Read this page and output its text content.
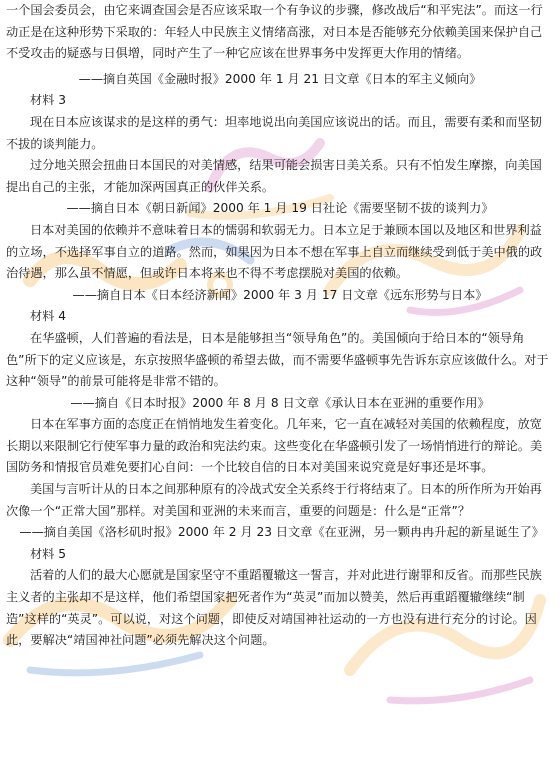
一个国会委员会，由它来调查国会是否应该采取一个有争议的步骤，修改战后“和平宪法”。而这一行动正是在这种形势下采取的：年轻人中民族主义情绪高涨，对日本是否能够充分依赖美国来保护自己不受攻击的疑惑与日俱增，同时产生了一种它应该在世界事务中发挥更大作用的情绪。

——摘自英国《金融时报》2000 年 1 月 21 日文章《日本的军主义倾向》

材料 3

现在日本应该谋求的是这样的勇气：坦率地说出向美国应该说出的话。而且，需要有柔和而坚韧不拔的谈判能力。

过分地关照会扭曲日本国民的对美情感，结果可能会损害日美关系。只有不怕发生摩擦，向美国提出自己的主张，才能加深两国真正的伙伴关系。

——摘自日本《朝日新闻》2000 年 1 月 19 日社论《需要坚韧不拔的谈判力》

日本对美国的依赖并不意味着日本的懦弱和软弱无力。日本立足于兼顾本国以及地区和世界利益的立场，不选择军事自立的道路。然而，如果因为日本不想在军事上自立而继续受到低于美中俄的政治待遇，那么虽不情愿，但或许日本将来也不得不考虑摆脱对美国的依赖。

——摘自日本《日本经济新闻》2000 年 3 月 17 日文章《远东形势与日本》

材料 4

在华盛顿，人们普遍的看法是，日本是能够担当“领导角色”的。美国倾向于给日本的“领导角色”所下的定义应该是，东京按照华盛顿的希望去做，而不需要华盛顿事先告诉东京应该做什么。对于这种“领导”的前景可能将是非常不错的。

——摘自《日本时报》2000 年 8 月 8 日文章《承认日本在亚洲的重要作用》

日本在军事方面的态度正在悄悄地发生着变化。几年来，它一直在减轻对美国的依赖程度，放宽长期以来限制它行使军事力量的政治和宪法约束。这些变化在华盛顿引发了一场悄悄进行的辩论。美国防务和情报官员难免要扪心自问：一个比较自信的日本对美国来说究竟是好事还是坏事。

美国与言听计从的日本之间那种原有的冷战式安全关系终于行将结束了。日本的所作所为开始再次像一个“正常大国”那样。对美国和亚洲的未来而言，重要的问题是：什么是“正常”？

——摘自美国《洛杉矶时报》2000 年 2 月 23 日文章《在亚洲，另一颗冉冉升起的新星诞生了》

材料 5

活着的人们的最大心愿就是国家坚守不重蹈覆辙这一誓言，并对此进行谢罪和反省。而那些民族主义者的主张却不是这样，他们希望国家把死者作为“英灵”而加以赞美，然后再重蹈覆辙继续“制造”这样的“英灵”。可以说，对这个问题，即使反对靖国神社运动的一方也没有进行充分的讨论。因此，要解决“靖国神社问题”必须先解决这个问题。
